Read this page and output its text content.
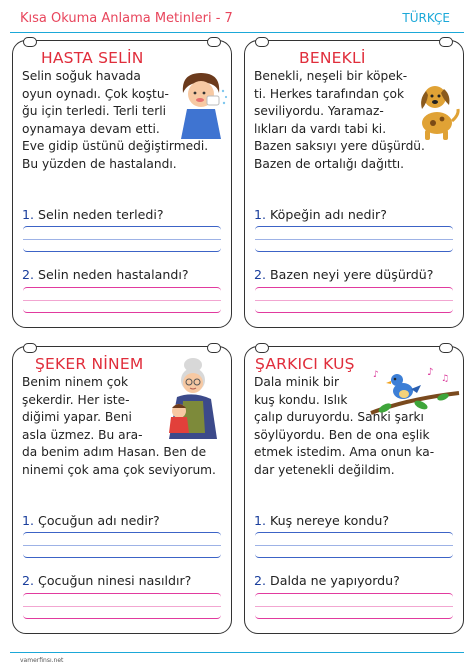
Kısa Okuma Anlama Metinleri - 7	TÜRKÇE
HASTA SELİN
Selin soğuk havada
oyun oynadı. Çok koştu-
ğu için terledi. Terli terli
oynamaya devam etti.
Eve gidip üstünü değiştirmedi.
Bu yüzden de hastalandı.
1. Selin neden terledi?
2. Selin neden hastalandı?
BENEKLİ
Benekli, neşeli bir köpek-
ti. Herkes tarafından çok
seviliyordu. Yaramaz-
lıkları da vardı tabi ki.
Bazen saksıyı yere düşürdü.
Bazen de ortalığı dağıttı.
1. Köpeğin adı nedir?
2. Bazen neyi yere düşürdü?
ŞEKER NİNEM
Benim ninem çok
şekerdir. Her iste-
diğimi yapar. Beni
asla üzmez. Bu ara-
da benim adım Hasan. Ben de
ninemi çok ama çok seviyorum.
1. Çocuğun adı nedir?
2. Çocuğun ninesi nasıldır?
ŞARKICI KUŞ
Dala minik bir
kuş kondu. Islık
çalıp duruyordu. Sanki şarkı
söylüyordu. Ben de ona eşlik
etmek istedim. Ama onun ka-
dar yetenekli değildim.
♪
♫
♪
1. Kuş nereye kondu?
2. Dalda ne yapıyordu?
vamerfinsı.net
